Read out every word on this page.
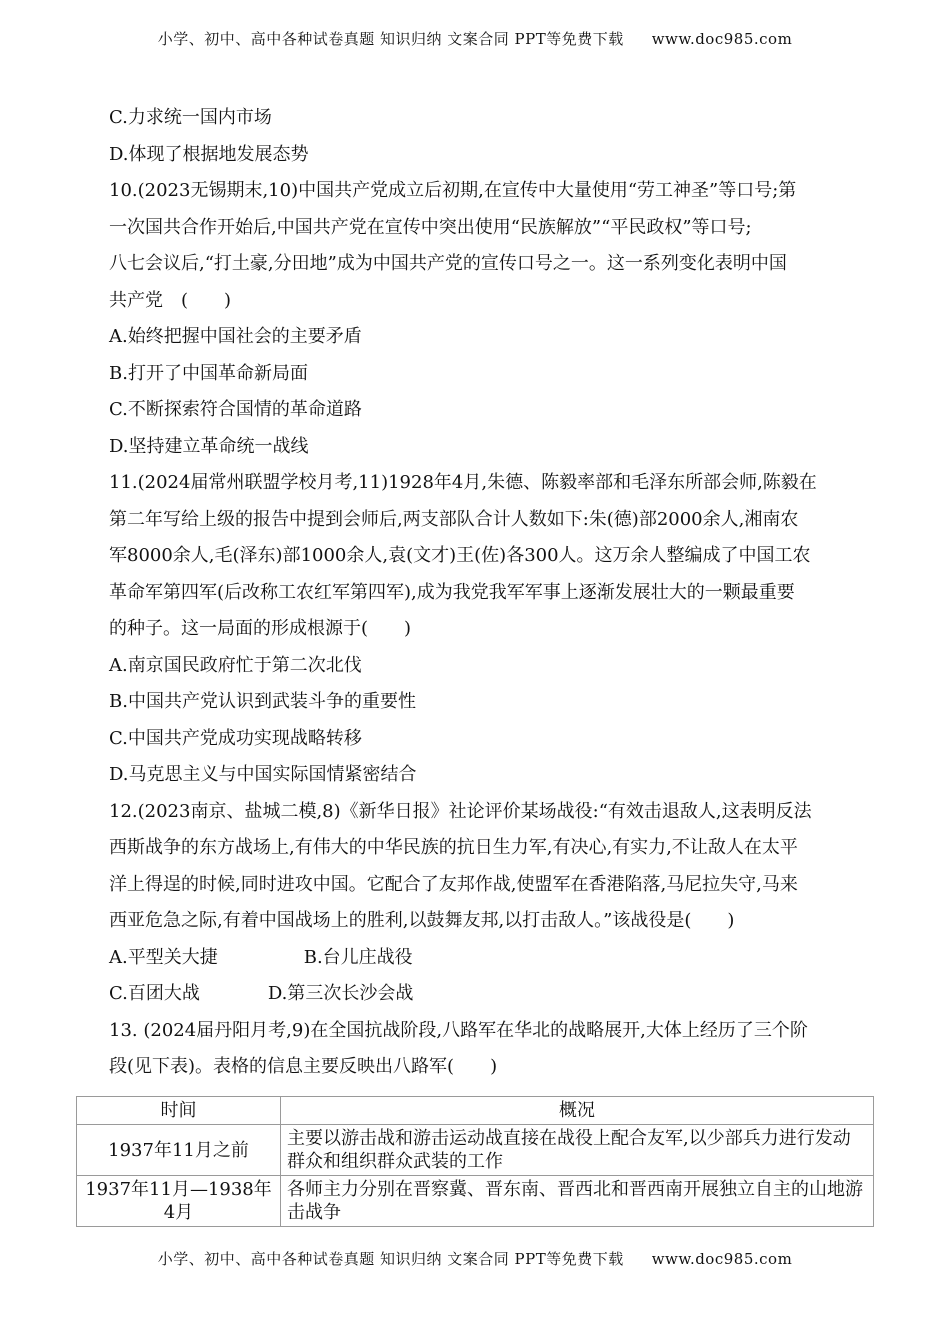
小学、初中、高中各种试卷真题 知识归纳 文案合同 PPT等免费下载 www.doc985.com
C.力求统一国内市场
D.体现了根据地发展态势
10.(2023无锡期末,10)中国共产党成立后初期,在宣传中大量使用“劳工神圣”等口号;第
一次国共合作开始后,中国共产党在宣传中突出使用“民族解放”“平民政权”等口号;
八七会议后,“打土豪,分田地”成为中国共产党的宣传口号之一。这一系列变化表明中国
共产党　(　　)
A.始终把握中国社会的主要矛盾
B.打开了中国革命新局面
C.不断探索符合国情的革命道路
D.坚持建立革命统一战线
11.(2024届常州联盟学校月考,11)1928年4月,朱德、陈毅率部和毛泽东所部会师,陈毅在
第二年写给上级的报告中提到会师后,两支部队合计人数如下:朱(德)部2000余人,湘南农
军8000余人,毛(泽东)部1000余人,袁(文才)王(佐)各300人。这万余人整编成了中国工农
革命军第四军(后改称工农红军第四军),成为我党我军军事上逐渐发展壮大的一颗最重要
的种子。这一局面的形成根源于(　　)
A.南京国民政府忙于第二次北伐
B.中国共产党认识到武装斗争的重要性
C.中国共产党成功实现战略转移
D.马克思主义与中国实际国情紧密结合
12.(2023南京、盐城二模,8)《新华日报》社论评价某场战役:“有效击退敌人,这表明反法
西斯战争的东方战场上,有伟大的中华民族的抗日生力军,有决心,有实力,不让敌人在太平
洋上得逞的时候,同时进攻中国。它配合了友邦作战,使盟军在香港陷落,马尼拉失守,马来
西亚危急之际,有着中国战场上的胜利,以鼓舞友邦,以打击敌人。”该战役是(　　)
A.平型关大捷	B.台儿庄战役
C.百团大战	D.第三次长沙会战
13. (2024届丹阳月考,9)在全国抗战阶段,八路军在华北的战略展开,大体上经历了三个阶
段(见下表)。表格的信息主要反映出八路军(　　)
时间	概况
1937年11月之前	主要以游击战和游击运动战直接在战役上配合友军,以少部兵力进行发动群众和组织群众武装的工作
1937年11月—1938年4月	各师主力分别在晋察冀、晋东南、晋西北和晋西南开展独立自主的山地游击战争
小学、初中、高中各种试卷真题 知识归纳 文案合同 PPT等免费下载 www.doc985.com
